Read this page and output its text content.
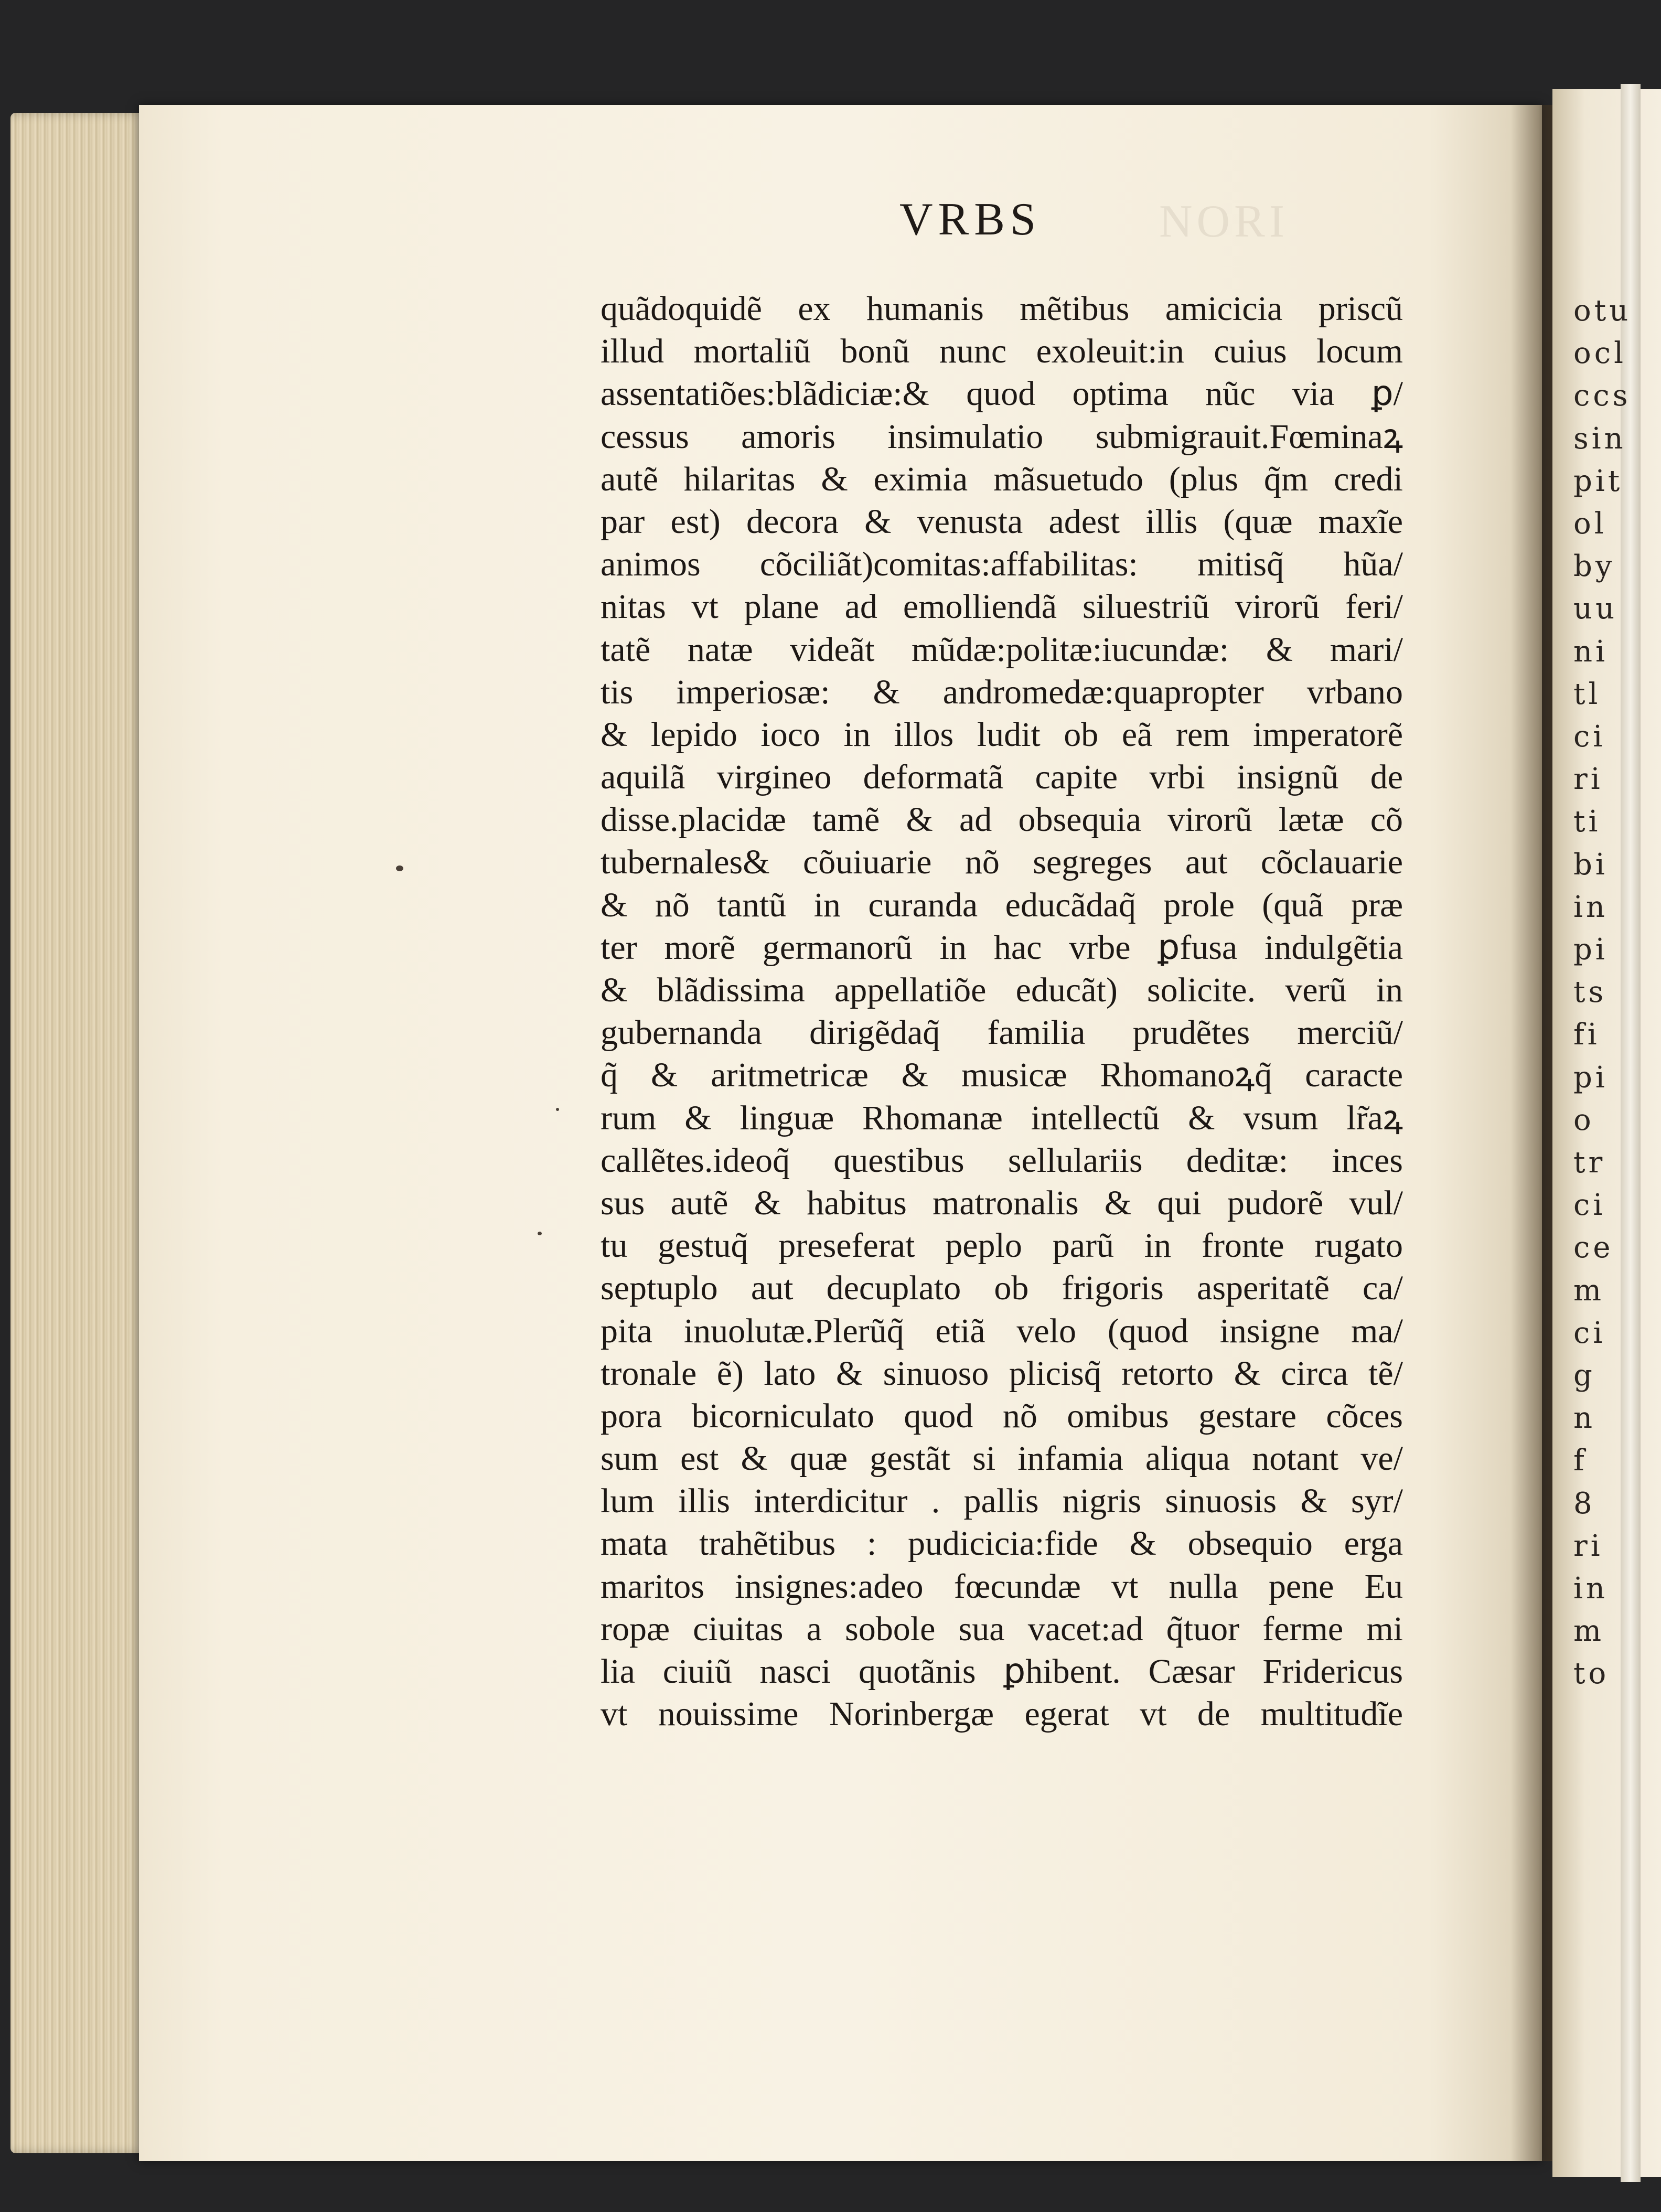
otu
ocl
ccs
sin
pit
ol
by
uu
ni
tl
ci
ri
ti
bi
in
pi
ts
fi
pi
o
tr
ci
ce
m
ci
g
n
f
8
ri
in
m
to
NORI
VRBS
quãdoquidẽ ex humanis mẽtibus amicicia priscũ
illud mortaliũ bonũ nunc exoleuit:in cuius locum
assentatiões:blãdiciæ:& quod optima nũc via ꝑ/
cessus amoris insimulatio submigrauit.Fœminaꝝ
autẽ hilaritas & eximia mãsuetudo (plus q̃m credi
par est) decora & venusta adest illis (quæ maxĩe
animos cõciliãt)comitas:affabilitas: mitisq̃ hũa/
nitas vt plane ad emolliendã siluestriũ virorũ feri/
tatẽ natæ videãt mũdæ:politæ:iucundæ: & mari/
tis imperiosæ: & andromedæ:quapropter vrbano
& lepido ioco in illos ludit ob eã rem imperatorẽ
aquilã virgineo deformatã capite vrbi insignũ de
disse.placidæ tamẽ & ad obsequia virorũ lætæ cõ
tubernales& cõuiuarie nõ segreges aut cõclauarie
& nõ tantũ in curanda educãdaq̃ prole (quã præ
ter morẽ germanorũ in hac vrbe ꝑfusa indulgẽtia
& blãdissima appellatiõe educãt) solicite. verũ in
gubernanda dirigẽdaq̃ familia prudẽtes merciũ/
q̃ & aritmetricæ & musicæ Rhomanoꝝq̃ caracte
rum & linguæ Rhomanæ intellectũ & vsum lr̃aꝝ
callẽtes.ideoq̃ questibus sellulariis deditæ: inces
sus autẽ & habitus matronalis & qui pudorẽ vul/
tu gestuq̃ preseferat peplo parũ in fronte rugato
septuplo aut decuplato ob frigoris asperitatẽ ca/
pita inuolutæ.Plerũq̃ etiã velo (quod insigne ma/
tronale ẽ) lato & sinuoso plicisq̃ retorto & circa tẽ/
pora bicorniculato quod nõ omibus gestare cõces
sum est & quæ gestãt si infamia aliqua notant ve/
lum illis interdicitur . pallis nigris sinuosis & syr/
mata trahẽtibus : pudicicia:fide & obsequio erga
maritos insignes:adeo fœcundæ vt nulla pene Eu
ropæ ciuitas a sobole sua vacet:ad q̃tuor ferme mi
lia ciuiũ nasci quotãnis ꝑhibent. Cæsar Fridericus
vt nouissime Norinbergæ egerat vt de multitudĩe
